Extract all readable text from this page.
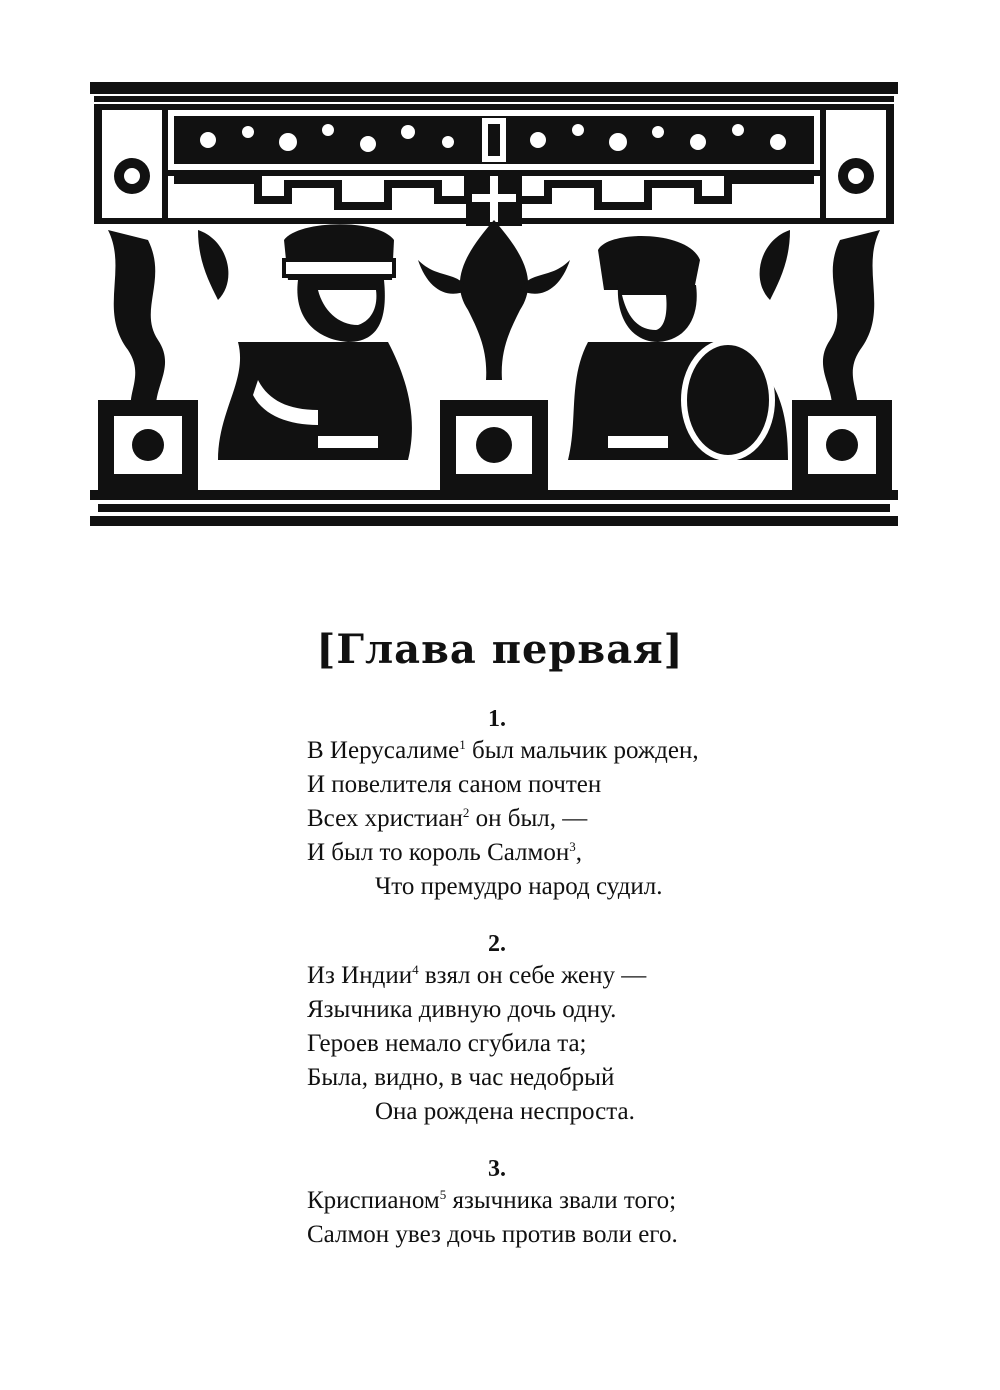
[Глава первая]
1.
В Иерусалиме$^1$ был мальчик рожден,
И повелителя саном почтен
Всех христиан$^2$ он был, —
И был то король Салмон$^3$,
Что премудро народ судил.
2.
Из Индии$^4$ взял он себе жену —
Язычника дивную дочь одну.
Героев немало сгубила та;
Была, видно, в час недобрый
Она рождена неспроста.
3.
Криспианом$^5$ язычника звали того;
Салмон увез дочь против воли его.
